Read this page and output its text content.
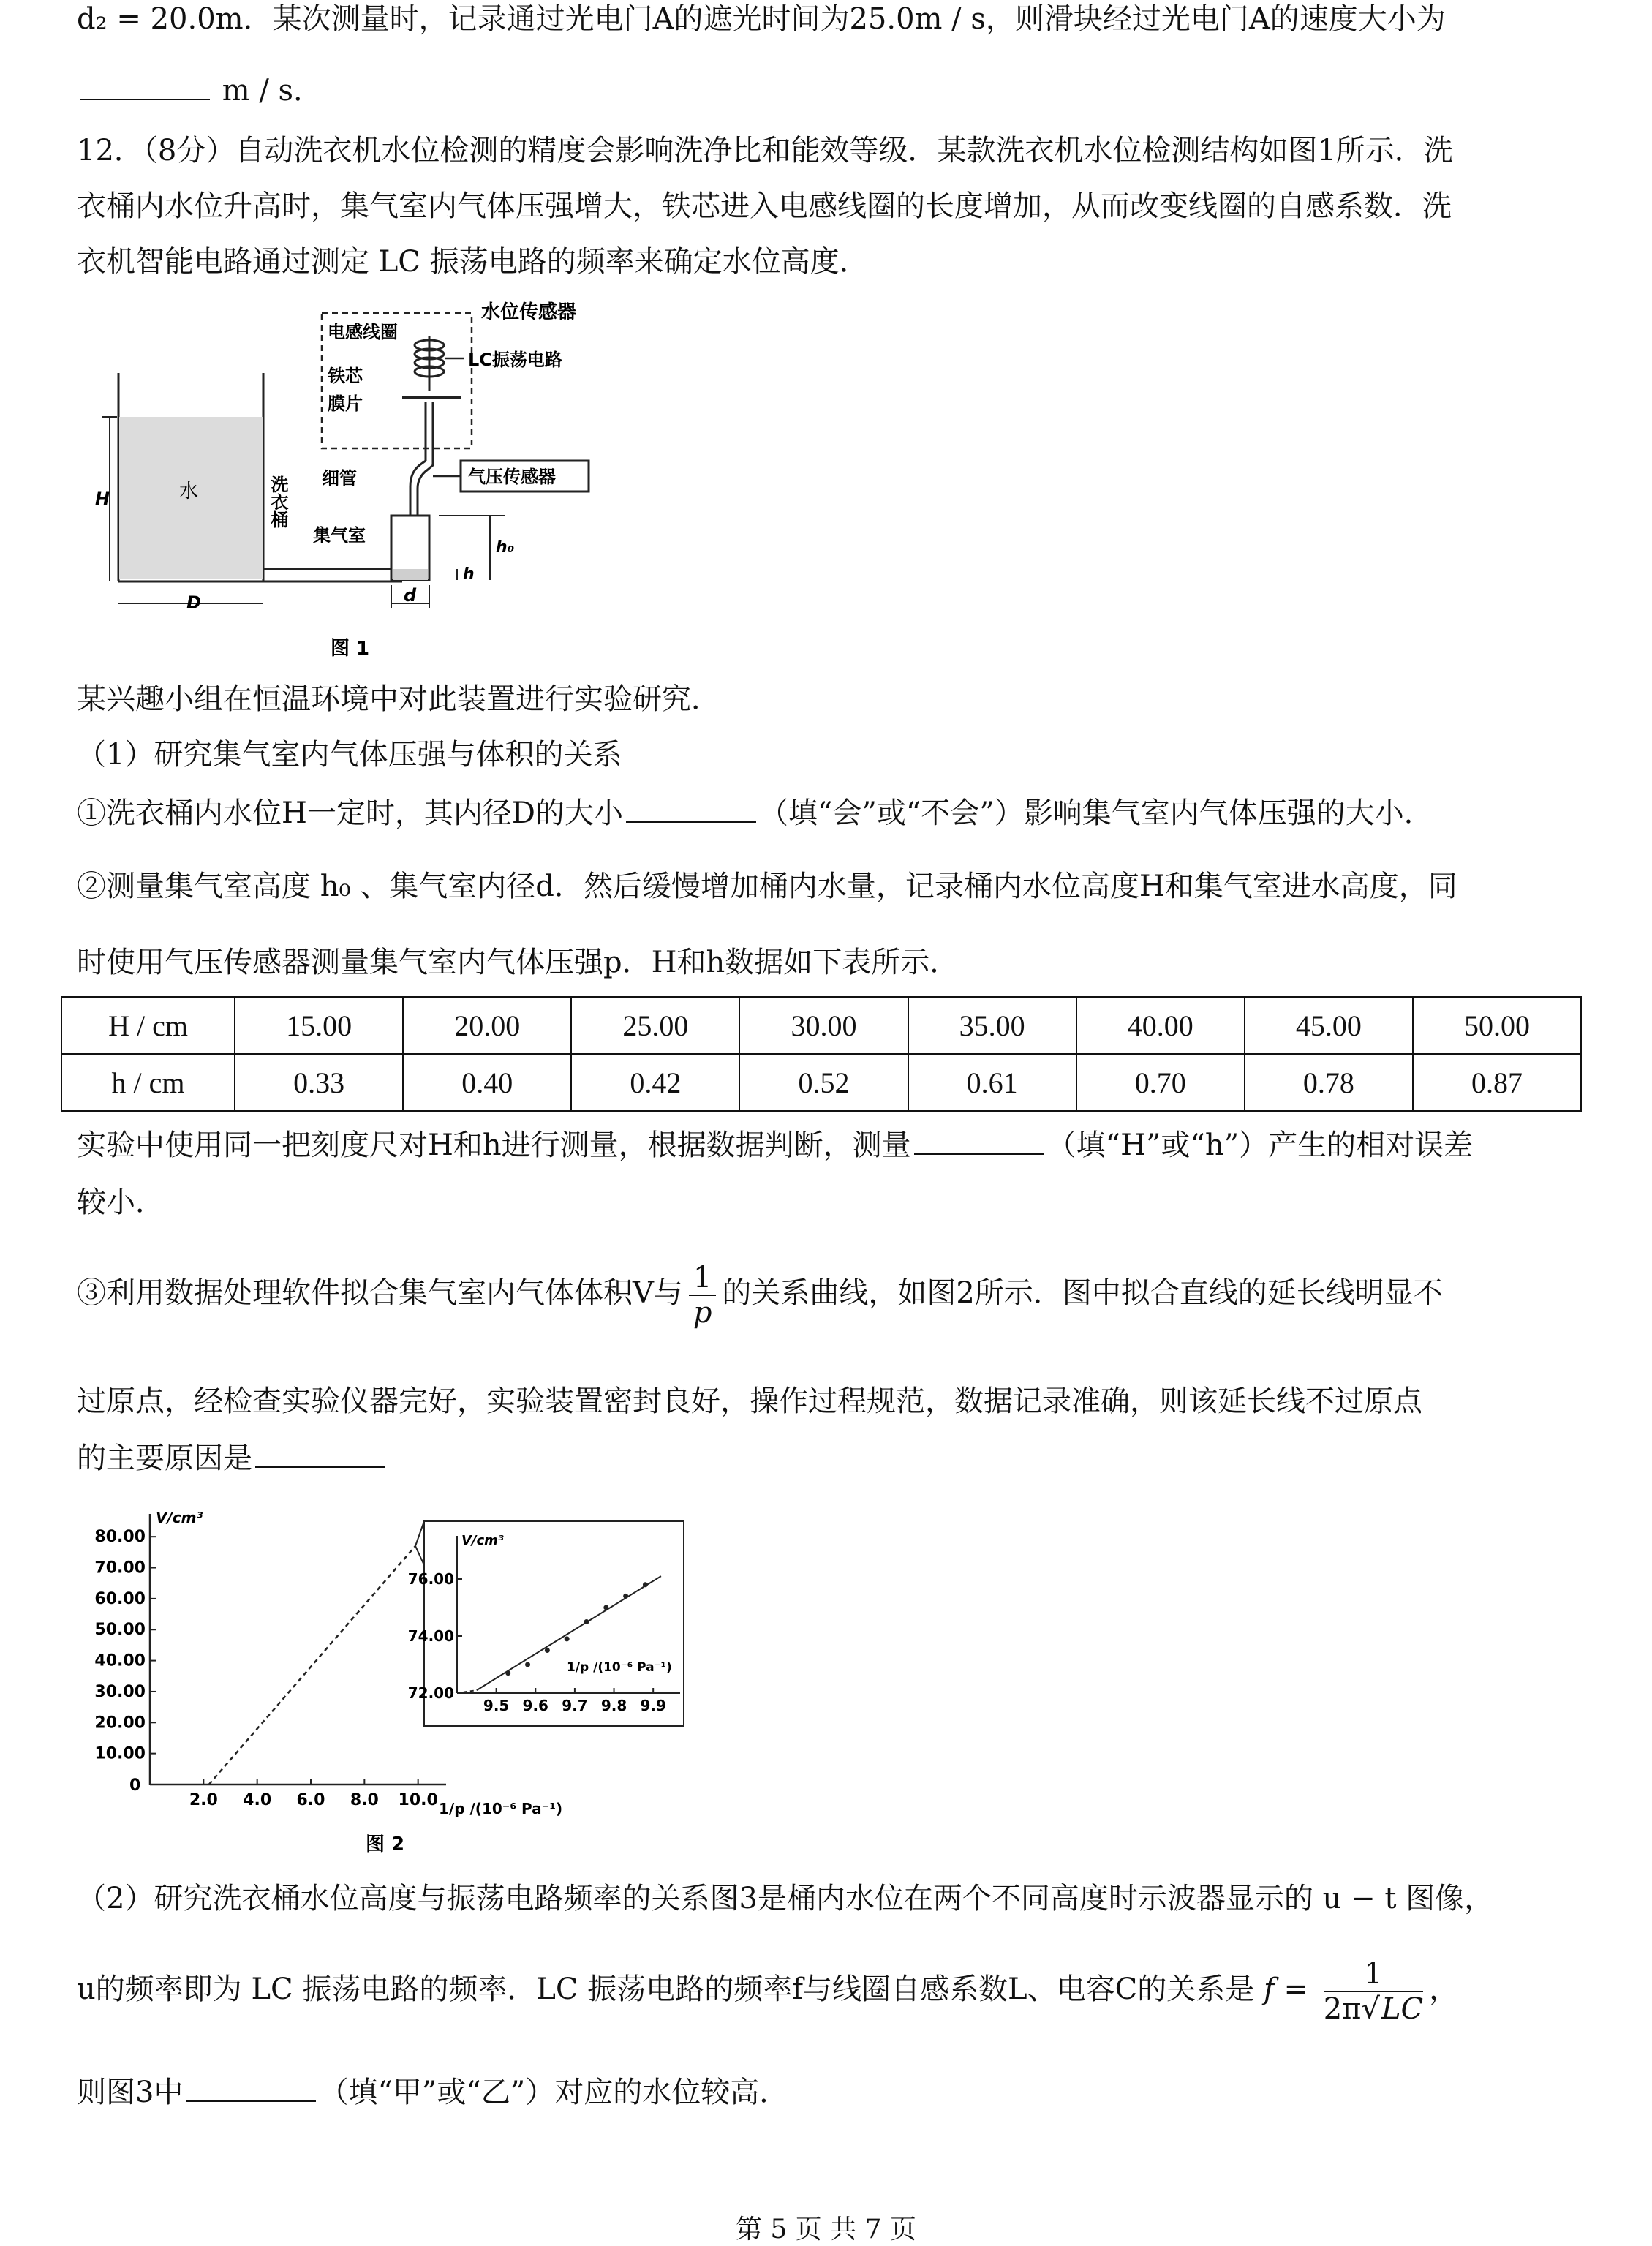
d₂ = 20.0m．某次测量时，记录通过光电门A的遮光时间为25.0m / s，则滑块经过光电门A的速度大小为
m / s．
12．（8分）自动洗衣机水位检测的精度会影响洗净比和能效等级．某款洗衣机水位检测结构如图1所示．洗
衣桶内水位升高时，集气室内气体压强增大，铁芯进入电感线圈的长度增加，从而改变线圈的自感系数．洗
衣机智能电路通过测定 LC 振荡电路的频率来确定水位高度．
水位传感器
电感线圈
铁芯
膜片
LC振荡电路
气压传感器
细管
集气室
洗衣桶
水
H
D	d
h
h₀
图 1
某兴趣小组在恒温环境中对此装置进行实验研究．
（1）研究集气室内气体压强与体积的关系
①洗衣桶内水位H一定时，其内径D的大小	（填“会”或“不会”）影响集气室内气体压强的大小．
②测量集气室高度 h₀ 、集气室内径d．然后缓慢增加桶内水量，记录桶内水位高度H和集气室进水高度，同
时使用气压传感器测量集气室内气体压强p．H和h数据如下表所示．
H / cm	15.00	20.00	25.00	30.00	35.00	40.00	45.00	50.00
h / cm	0.33	0.40	0.42	0.52	0.61	0.70	0.78	0.87
实验中使用同一把刻度尺对H和h进行测量，根据数据判断，测量	（填“H”或“h”）产生的相对误差
较小．
③利用数据处理软件拟合集气室内气体体积V与 $\frac{1}{p}$ 的关系曲线，如图2所示．图中拟合直线的延长线明显不
过原点，经检查实验仪器完好，实验装置密封良好，操作过程规范，数据记录准确，则该延长线不过原点
的主要原因是
V/cm³
0
10.00
20.00
30.00
40.00
50.00
60.00
70.00
80.00
2.0 4.0 6.0 8.0 10.0 1/p /(10⁻⁶ Pa⁻¹)
V/cm³
72.00
74.00
76.00
9.5 9.6 9.7 9.8 9.9
1/p /(10⁻⁶ Pa⁻¹)
图 2
（2）研究洗衣桶水位高度与振荡电路频率的关系图3是桶内水位在两个不同高度时示波器显示的 u − t 图像，
u的频率即为 LC 振荡电路的频率．LC 振荡电路的频率f与线圈自感系数L、电容C的关系是 $f = \frac{1}{2\pi√LC}$ ，
则图3中	（填“甲”或“乙”）对应的水位较高．
第 5 页 共 7 页
